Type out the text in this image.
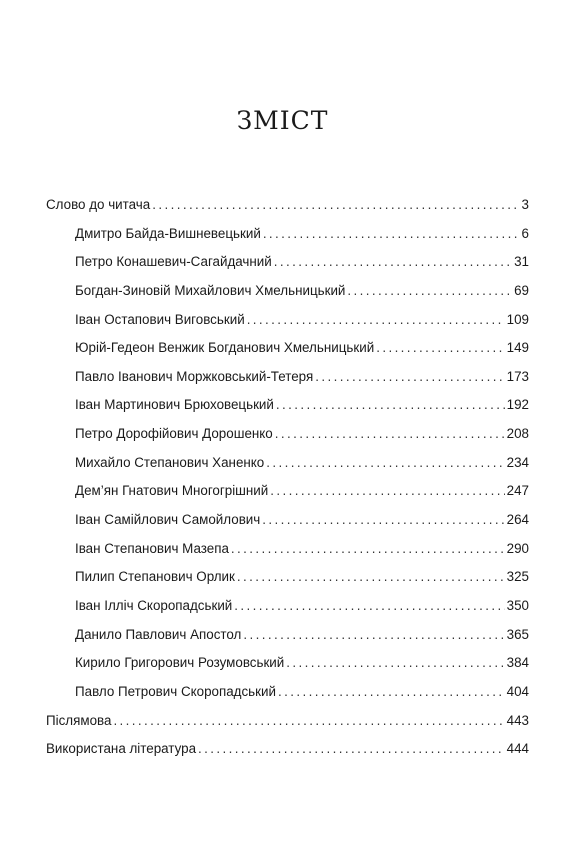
ЗМІСТ
Слово до читача .....	3
Дмитро Байда-Вишневецький .....	6
Петро Конашевич-Сагайдачний .....	31
Богдан-Зиновій Михайлович Хмельницький .....	69
Іван Остапович Виговський .....	109
Юрій-Гедеон Венжик Богданович Хмельницький .....	149
Павло Іванович Моржковський-Тетеря .....	173
Іван Мартинович Брюховецький .....	192
Петро Дорофійович Дорошенко .....	208
Михайло Степанович Ханенко .....	234
Дем’ян Гнатович Многогрішний .....	247
Іван Самійлович Самойлович .....	264
Іван Степанович Мазепа .....	290
Пилип Степанович Орлик .....	325
Іван Ілліч Скоропадський .....	350
Данило Павлович Апостол .....	365
Кирило Григорович Розумовський .....	384
Павло Петрович Скоропадський .....	404
Післямова .....	443
Використана література .....	444
